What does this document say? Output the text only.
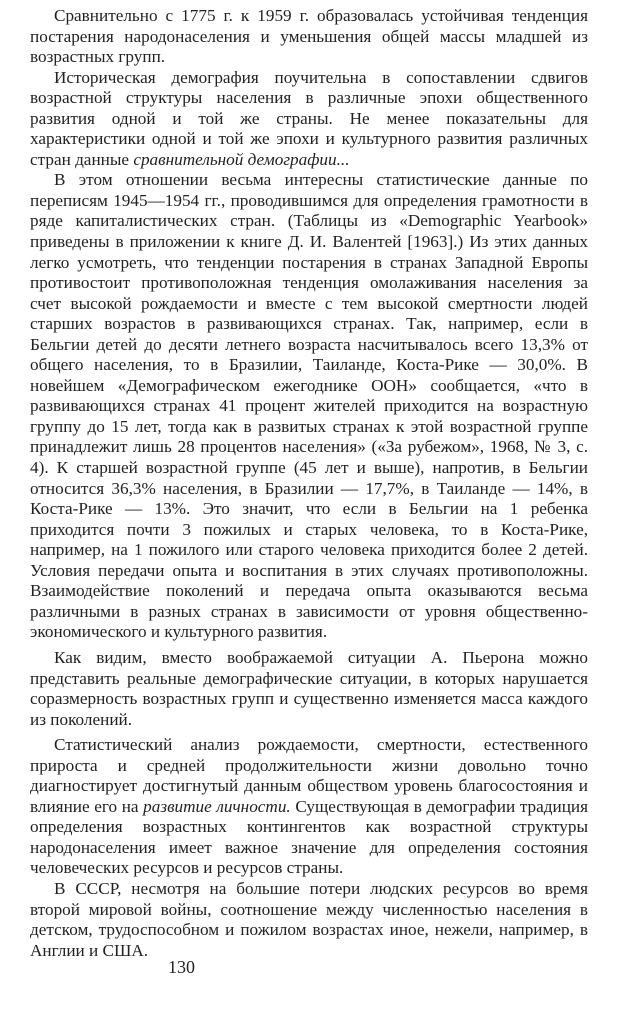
Сравнительно с 1775 г. к 1959 г. образовалась устойчивая тенденция постарения народонаселения и уменьшения общей массы младшей из возрастных групп.

Историческая демография поучительна в сопоставлении сдвигов возрастной структуры населения в различные эпохи общественного развития одной и той же страны. Не менее показательны для характеристики одной и той же эпохи и культурного развития различных стран данные сравнительной демографии...

В этом отношении весьма интересны статистические данные по переписям 1945—1954 гг., проводившимся для определения грамотности в ряде капиталистических стран. (Таблицы из «Demographic Yearbook» приведены в приложении к книге Д. И. Валентей [1963].) Из этих данных легко усмотреть, что тенденции постарения в странах Западной Европы противостоит противоположная тенденция омолаживания населения за счет высокой рождаемости и вместе с тем высокой смертности людей старших возрастов в развивающихся странах. Так, например, если в Бельгии детей до десяти летнего возраста насчитывалось всего 13,3% от общего населения, то в Бразилии, Таиланде, Коста-Рике — 30,0%. В новейшем «Демографическом ежегоднике ООН» сообщается, «что в развивающихся странах 41 процент жителей приходится на возрастную группу до 15 лет, тогда как в развитых странах к этой возрастной группе принадлежит лишь 28 процентов населения» («За рубежом», 1968, № 3, с. 4). К старшей возрастной группе (45 лет и выше), напротив, в Бельгии относится 36,3% населения, в Бразилии — 17,7%, в Таиланде — 14%, в Коста-Рике — 13%. Это значит, что если в Бельгии на 1 ребенка приходится почти 3 пожилых и старых человека, то в Коста-Рике, например, на 1 пожилого или старого человека приходится более 2 детей. Условия передачи опыта и воспитания в этих случаях противоположны. Взаимодействие поколений и передача опыта оказываются весьма различными в разных странах в зависимости от уровня общественно-экономического и культурного развития.

Как видим, вместо воображаемой ситуации А. Пьерона можно представить реальные демографические ситуации, в которых нарушается соразмерность возрастных групп и существенно изменяется масса каждого из поколений.

Статистический анализ рождаемости, смертности, естественного прироста и средней продолжительности жизни довольно точно диагностирует достигнутый данным обществом уровень благосостояния и влияние его на развитие личности. Существующая в демографии традиция определения возрастных контингентов как возрастной структуры народонаселения имеет важное значение для определения состояния человеческих ресурсов и ресурсов страны.

В СССР, несмотря на большие потери людских ресурсов во время второй мировой войны, соотношение между численностью населения в детском, трудоспособном и пожилом возрастах иное, нежели, например, в Англии и США.

130
